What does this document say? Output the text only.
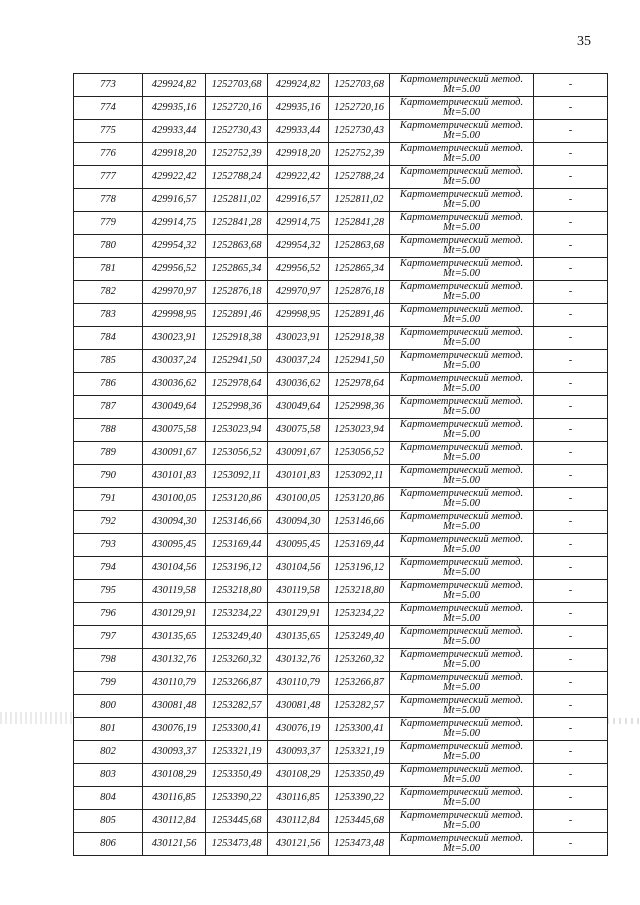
35
773	429924,82	1252703,68	429924,82	1252703,68	Картометрический метод.
Mt=5.00	-
774	429935,16	1252720,16	429935,16	1252720,16	Картометрический метод.
Mt=5.00	-
775	429933,44	1252730,43	429933,44	1252730,43	Картометрический метод.
Mt=5.00	-
776	429918,20	1252752,39	429918,20	1252752,39	Картометрический метод.
Mt=5.00	-
777	429922,42	1252788,24	429922,42	1252788,24	Картометрический метод.
Mt=5.00	-
778	429916,57	1252811,02	429916,57	1252811,02	Картометрический метод.
Mt=5.00	-
779	429914,75	1252841,28	429914,75	1252841,28	Картометрический метод.
Mt=5.00	-
780	429954,32	1252863,68	429954,32	1252863,68	Картометрический метод.
Mt=5.00	-
781	429956,52	1252865,34	429956,52	1252865,34	Картометрический метод.
Mt=5.00	-
782	429970,97	1252876,18	429970,97	1252876,18	Картометрический метод.
Mt=5.00	-
783	429998,95	1252891,46	429998,95	1252891,46	Картометрический метод.
Mt=5.00	-
784	430023,91	1252918,38	430023,91	1252918,38	Картометрический метод.
Mt=5.00	-
785	430037,24	1252941,50	430037,24	1252941,50	Картометрический метод.
Mt=5.00	-
786	430036,62	1252978,64	430036,62	1252978,64	Картометрический метод.
Mt=5.00	-
787	430049,64	1252998,36	430049,64	1252998,36	Картометрический метод.
Mt=5.00	-
788	430075,58	1253023,94	430075,58	1253023,94	Картометрический метод.
Mt=5.00	-
789	430091,67	1253056,52	430091,67	1253056,52	Картометрический метод.
Mt=5.00	-
790	430101,83	1253092,11	430101,83	1253092,11	Картометрический метод.
Mt=5.00	-
791	430100,05	1253120,86	430100,05	1253120,86	Картометрический метод.
Mt=5.00	-
792	430094,30	1253146,66	430094,30	1253146,66	Картометрический метод.
Mt=5.00	-
793	430095,45	1253169,44	430095,45	1253169,44	Картометрический метод.
Mt=5.00	-
794	430104,56	1253196,12	430104,56	1253196,12	Картометрический метод.
Mt=5.00	-
795	430119,58	1253218,80	430119,58	1253218,80	Картометрический метод.
Mt=5.00	-
796	430129,91	1253234,22	430129,91	1253234,22	Картометрический метод.
Mt=5.00	-
797	430135,65	1253249,40	430135,65	1253249,40	Картометрический метод.
Mt=5.00	-
798	430132,76	1253260,32	430132,76	1253260,32	Картометрический метод.
Mt=5.00	-
799	430110,79	1253266,87	430110,79	1253266,87	Картометрический метод.
Mt=5.00	-
800	430081,48	1253282,57	430081,48	1253282,57	Картометрический метод.
Mt=5.00	-
801	430076,19	1253300,41	430076,19	1253300,41	Картометрический метод.
Mt=5.00	-
802	430093,37	1253321,19	430093,37	1253321,19	Картометрический метод.
Mt=5.00	-
803	430108,29	1253350,49	430108,29	1253350,49	Картометрический метод.
Mt=5.00	-
804	430116,85	1253390,22	430116,85	1253390,22	Картометрический метод.
Mt=5.00	-
805	430112,84	1253445,68	430112,84	1253445,68	Картометрический метод.
Mt=5.00	-
806	430121,56	1253473,48	430121,56	1253473,48	Картометрический метод.
Mt=5.00	-
